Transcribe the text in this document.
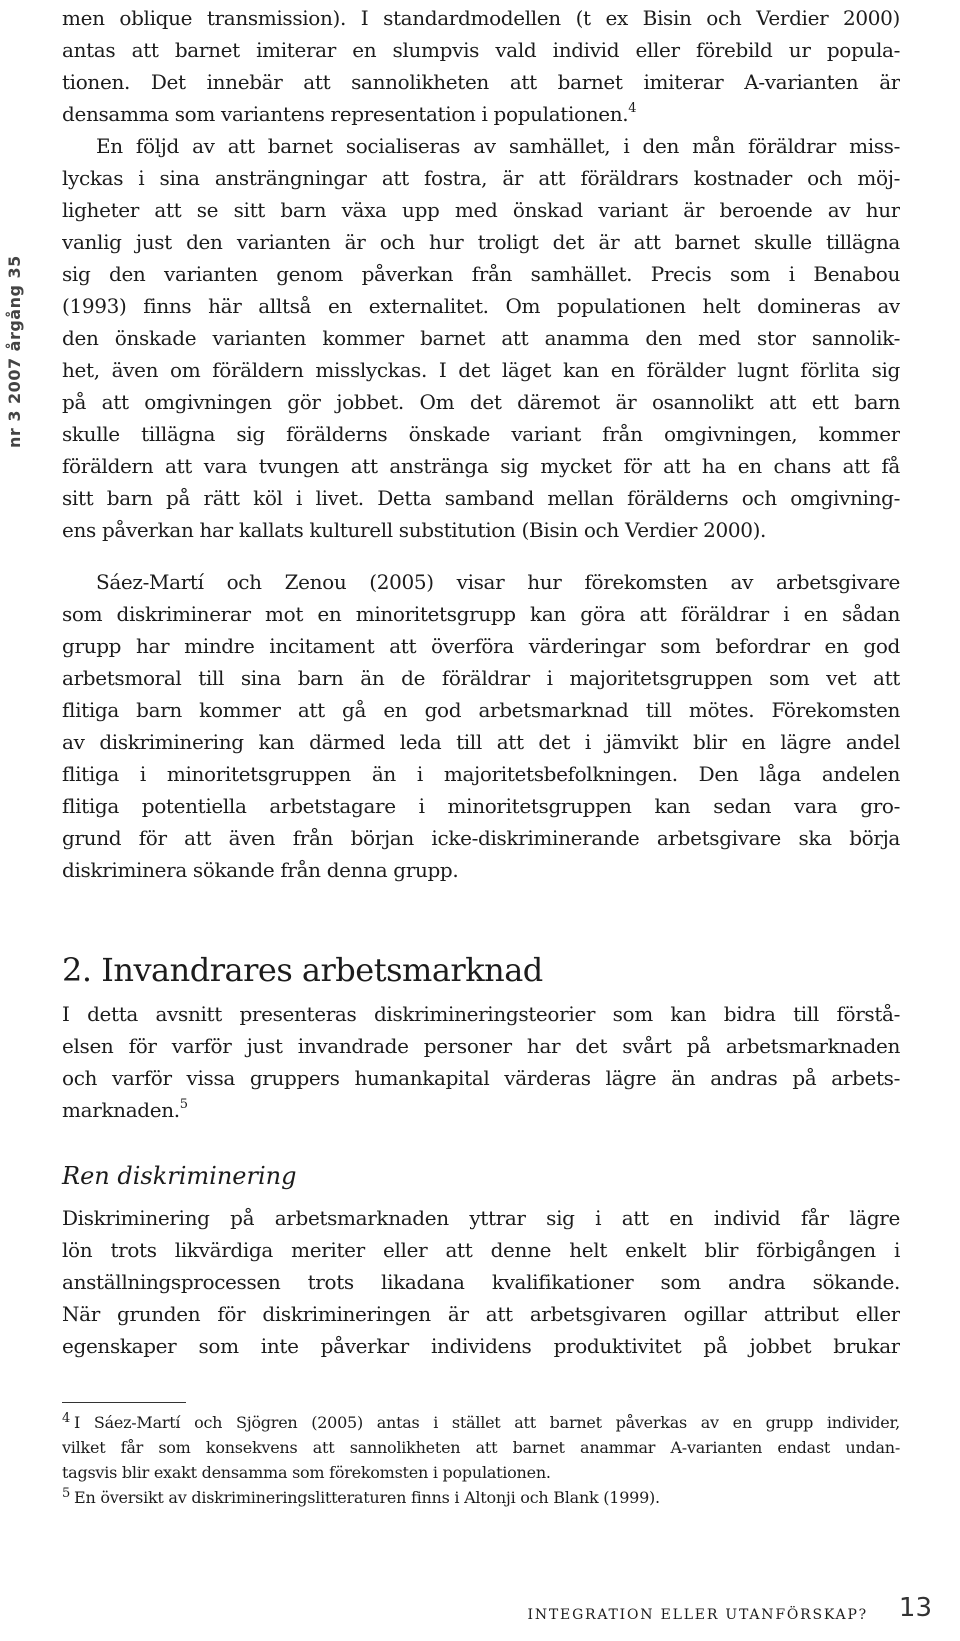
nr 3 2007 årgång 35
men oblique transmission). I standardmodellen (t ex Bisin och Verdier 2000)
antas att barnet imiterar en slumpvis vald individ eller förebild ur popula-
tionen. Det innebär att sannolikheten att barnet imiterar A-varianten är
densamma som variantens representation i populationen.$^4$
En följd av att barnet socialiseras av samhället, i den mån föräldrar miss-
lyckas i sina ansträngningar att fostra, är att föräldrars kostnader och möj-
ligheter att se sitt barn växa upp med önskad variant är beroende av hur
vanlig just den varianten är och hur troligt det är att barnet skulle tillägna
sig den varianten genom påverkan från samhället. Precis som i Benabou
(1993) finns här alltså en externalitet. Om populationen helt domineras av
den önskade varianten kommer barnet att anamma den med stor sannolik-
het, även om föräldern misslyckas. I det läget kan en förälder lugnt förlita sig
på att omgivningen gör jobbet. Om det däremot är osannolikt att ett barn
skulle tillägna sig förälderns önskade variant från omgivningen, kommer
föräldern att vara tvungen att anstränga sig mycket för att ha en chans att få
sitt barn på rätt köl i livet. Detta samband mellan förälderns och omgivning-
ens påverkan har kallats kulturell substitution (Bisin och Verdier 2000).
Sáez-Martí och Zenou (2005) visar hur förekomsten av arbetsgivare
som diskriminerar mot en minoritetsgrupp kan göra att föräldrar i en sådan
grupp har mindre incitament att överföra värderingar som befordrar en god
arbetsmoral till sina barn än de föräldrar i majoritetsgruppen som vet att
flitiga barn kommer att gå en god arbetsmarknad till mötes. Förekomsten
av diskriminering kan därmed leda till att det i jämvikt blir en lägre andel
flitiga i minoritetsgruppen än i majoritetsbefolkningen. Den låga andelen
flitiga potentiella arbetstagare i minoritetsgruppen kan sedan vara gro-
grund för att även från början icke-diskriminerande arbetsgivare ska börja
diskriminera sökande från denna grupp.
2. Invandrares arbetsmarknad
I detta avsnitt presenteras diskrimineringsteorier som kan bidra till förstå-
elsen för varför just invandrade personer har det svårt på arbetsmarknaden
och varför vissa gruppers humankapital värderas lägre än andras på arbets-
marknaden.$^5$
Ren diskriminering
Diskriminering på arbetsmarknaden yttrar sig i att en individ får lägre
lön trots likvärdiga meriter eller att denne helt enkelt blir förbigången i
anställningsprocessen trots likadana kvalifikationer som andra sökande.
När grunden för diskrimineringen är att arbetsgivaren ogillar attribut eller
egenskaper som inte påverkar individens produktivitet på jobbet brukar
$^4$ I Sáez-Martí och Sjögren (2005) antas i stället att barnet påverkas av en grupp individer,
vilket får som konsekvens att sannolikheten att barnet anammar A-varianten endast undan-
tagsvis blir exakt densamma som förekomsten i populationen.
$^5$ En översikt av diskrimineringslitteraturen finns i Altonji och Blank (1999).
INTEGRATION ELLER UTANFÖRSKAP? 13
